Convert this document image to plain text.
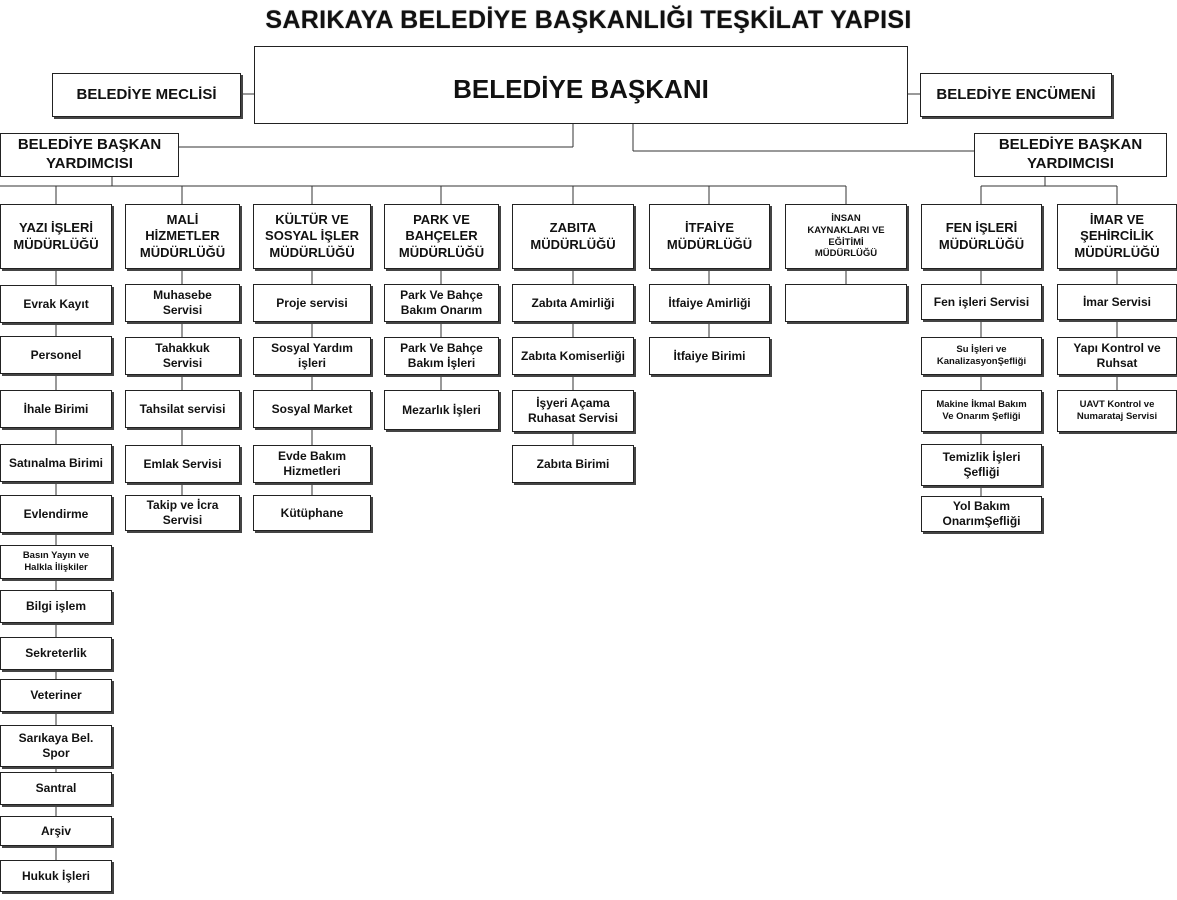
SARIKAYA BELEDİYE BAŞKANLIĞI TEŞKİLAT YAPISI
BELEDİYE BAŞKANI
BELEDİYE MECLİSİ	BELEDİYE ENCÜMENİ
BELEDİYE BAŞKAN
YARDIMCISI
BELEDİYE BAŞKAN
YARDIMCISI
YAZI İŞLERİ
MÜDÜRLÜĞÜ
Evrak Kayıt
Personel
İhale Birimi
Satınalma Birimi
Evlendirme
Basın Yayın ve
Halkla İlişkiler
Bilgi işlem
Sekreterlik
Veteriner
Sarıkaya Bel.
Spor
Santral
Arşiv
Hukuk İşleri
MALİ
HİZMETLER
MÜDÜRLÜĞÜ
Muhasebe
Servisi
Tahakkuk
Servisi
Tahsilat servisi
Emlak Servisi
Takip ve İcra
Servisi
KÜLTÜR VE
SOSYAL İŞLER
MÜDÜRLÜĞÜ
Proje servisi
Sosyal Yardım
işleri
Sosyal Market
Evde Bakım
Hizmetleri
Kütüphane
PARK VE
BAHÇELER
MÜDÜRLÜĞÜ
Park Ve Bahçe
Bakım Onarım
Park Ve Bahçe
Bakım İşleri
Mezarlık İşleri
ZABITA
MÜDÜRLÜĞÜ
Zabıta Amirliği
Zabıta Komiserliği
İşyeri Açama
Ruhasat Servisi
Zabıta Birimi
İTFAİYE
MÜDÜRLÜĞÜ
İtfaiye Amirliği
İtfaiye Birimi
İNSAN
KAYNAKLARI VE
EĞİTİMİ
MÜDÜRLÜĞÜ
FEN İŞLERİ
MÜDÜRLÜĞÜ
Fen işleri Servisi
Su İşleri ve
KanalizasyonŞefliği
Makine İkmal Bakım
Ve Onarım Şefliği
Temizlik İşleri
Şefliği
Yol Bakım
OnarımŞefliği
İMAR VE
ŞEHİRCİLİK
MÜDÜRLÜĞÜ
İmar Servisi
Yapı Kontrol ve
Ruhsat
UAVT Kontrol ve
Numarataj Servisi
